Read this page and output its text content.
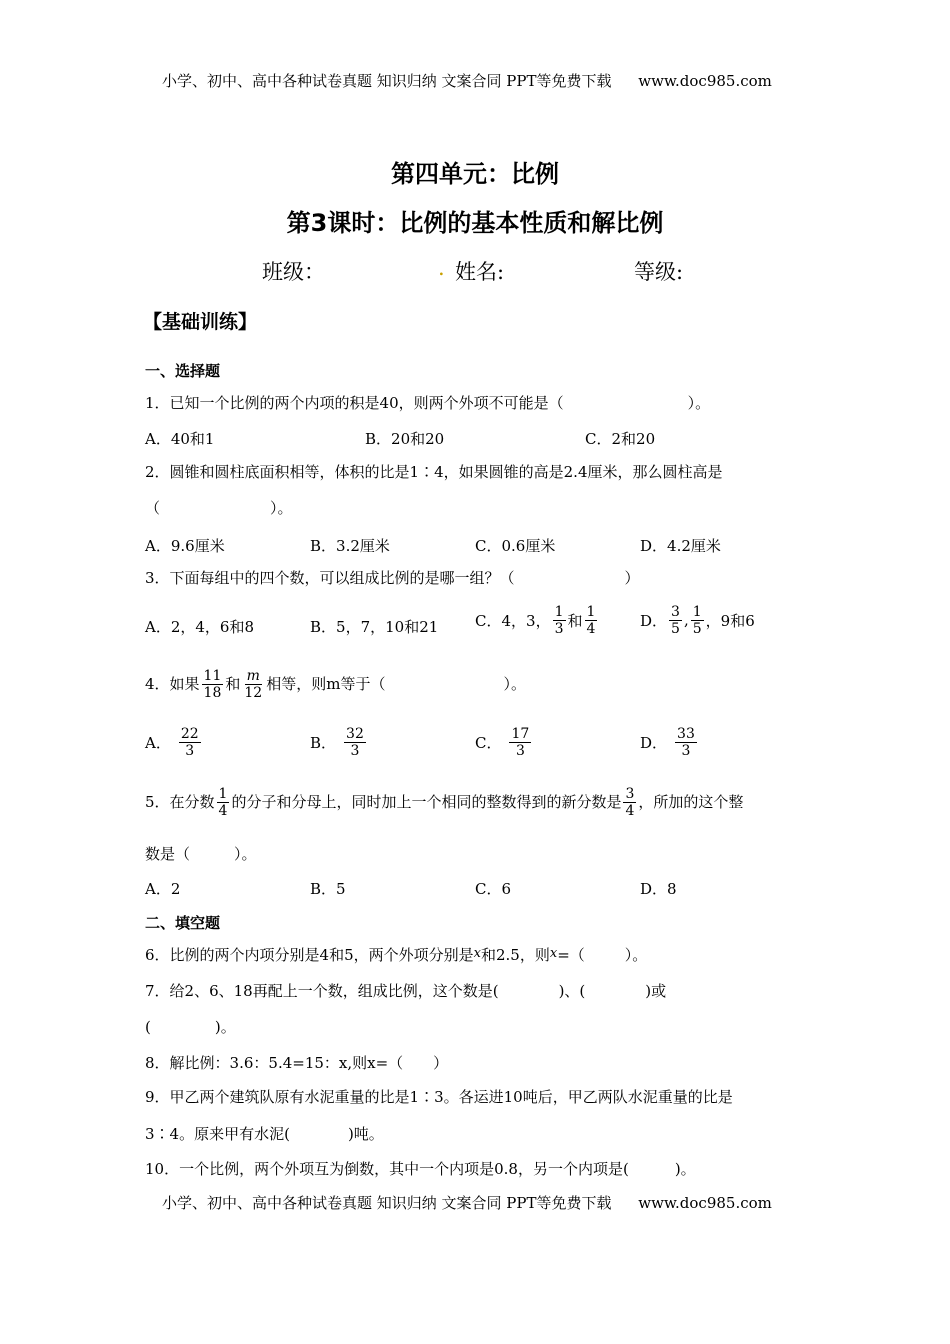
小学、初中、高中各种试卷真题 知识归纳 文案合同 PPT等免费下载 www.doc985.com
第四单元：比例
第3课时：比例的基本性质和解比例
班级：	. 姓名:	等级:
【基础训练】
一、选择题
1．已知一个比例的两个内项的积是40，则两个外项不可能是（	）。
A．40和1	B．20和20	C．2和20
2．圆锥和圆柱底面积相等，体积的比是1∶4，如果圆锥的高是2.4厘米，那么圆柱高是
（	）。
A．9.6厘米	B．3.2厘米	C．0.6厘米	D．4.2厘米
3．下面每组中的四个数，可以组成比例的是哪一组？（	）
A．2，4，6和8	B．5，7，10和21 C．4，3， $\frac{1}{3}$ 和 $\frac{1}{4}$	D． $\frac{3}{5}$ , $\frac{1}{5}$ ，9和6
4．如果 $\frac{11}{18}$ 和 $\frac{m}{12}$ 相等，则m等于（	）。
A． $\frac{22}{3}$	B． $\frac{32}{3}$	C． $\frac{17}{3}$	D． $\frac{33}{3}$
5．在分数 $\frac{1}{4}$ 的分子和分母上，同时加上一个相同的整数得到的新分数是 $\frac{3}{4}$ ，所加的这个整
数是（	）。
A．2	B．5	C．6	D．8
二、填空题
6．比例的两个内项分别是4和5，两个外项分别是x和2.5，则x=（	）。
7．给2、6、18再配上一个数，组成比例，这个数是(	)、(	)或
(	)。
8．解比例：3.6：5.4=15：x,则x=（ ）
9．甲乙两个建筑队原有水泥重量的比是1∶3。各运进10吨后，甲乙两队水泥重量的比是
3∶4。原来甲有水泥(	)吨。
10．一个比例，两个外项互为倒数，其中一个内项是0.8，另一个内项是(	)。
小学、初中、高中各种试卷真题 知识归纳 文案合同 PPT等免费下载 www.doc985.com
